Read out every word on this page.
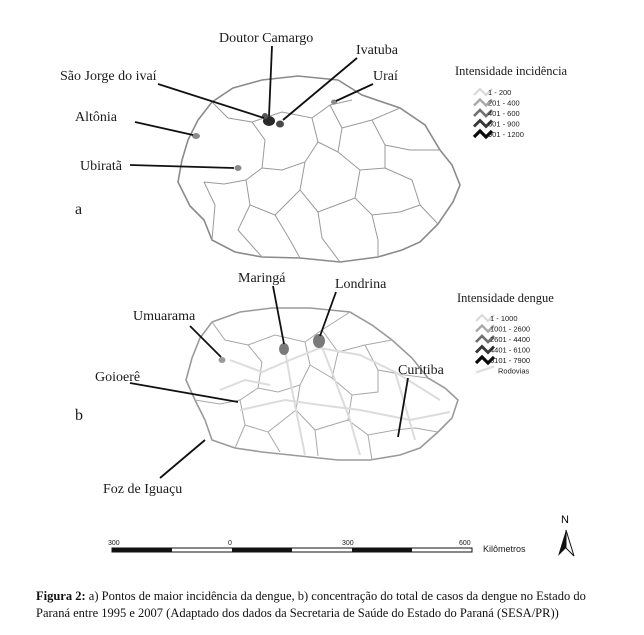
Doutor Camargo
Ivatuba
São Jorge do ivaí	Uraí
Altônia
Ubiratã
a
Intensidade incidência
1 - 200
201 - 400
401 - 600
601 - 900
901 - 1200
Maringá	Londrina
Umuarama
Curitiba
Goioerê
Foz de Iguaçu
b
Intensidade dengue
1 - 1000
1001 - 2600
2601 - 4400
4401 - 6100
6101 - 7900
Rodovias
300	0	300	600
Kilômetros
N
Figura 2: a) Pontos de maior incidência da dengue, b) concentração do total de casos da dengue no Estado do Paraná entre 1995 e 2007 (Adaptado dos dados da Secretaria de Saúde do Estado do Paraná (SESA/PR))
